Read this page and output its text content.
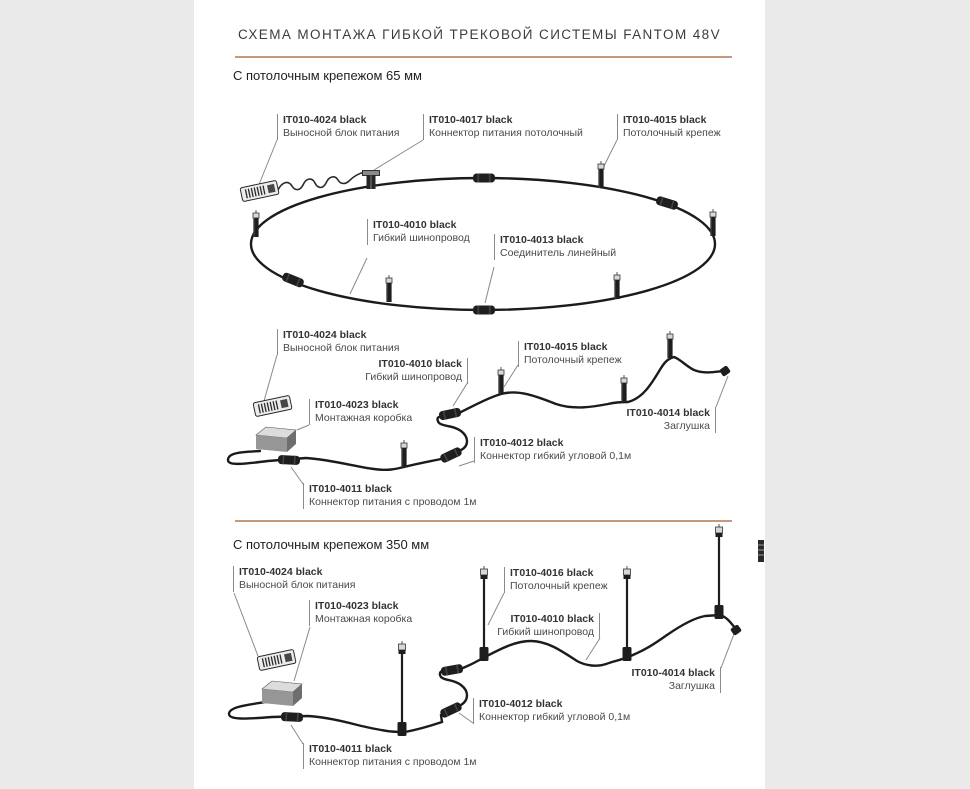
СХЕМА МОНТАЖА ГИБКОЙ ТРЕКОВОЙ СИСТЕМЫ FANTOM 48V
С потолочным крепежом 65 мм
С потолочным крепежом 350 мм
IT010-4024 black
Выносной блок питания
IT010-4017 black
Коннектор питания потолочный
IT010-4015 black
Потолочный крепеж
IT010-4010 black
Гибкий шинопровод	IT010-4013 black
Соединитель линейный
IT010-4024 black
Выносной блок питания
IT010-4010 black
Гибкий шинопровод
IT010-4015 black
Потолочный крепеж
IT010-4023 black
Монтажная коробка	IT010-4014 black
Заглушка
IT010-4012 black
Коннектор гибкий угловой 0,1м
IT010-4011 black
Коннектор питания с проводом 1м
IT010-4024 black
Выносной блок питания
IT010-4023 black
Монтажная коробка
IT010-4016 black
Потолочный крепеж
IT010-4010 black
Гибкий шинопровод
IT010-4014 black
Заглушка
IT010-4012 black
Коннектор гибкий угловой 0,1м
IT010-4011 black
Коннектор питания с проводом 1м
